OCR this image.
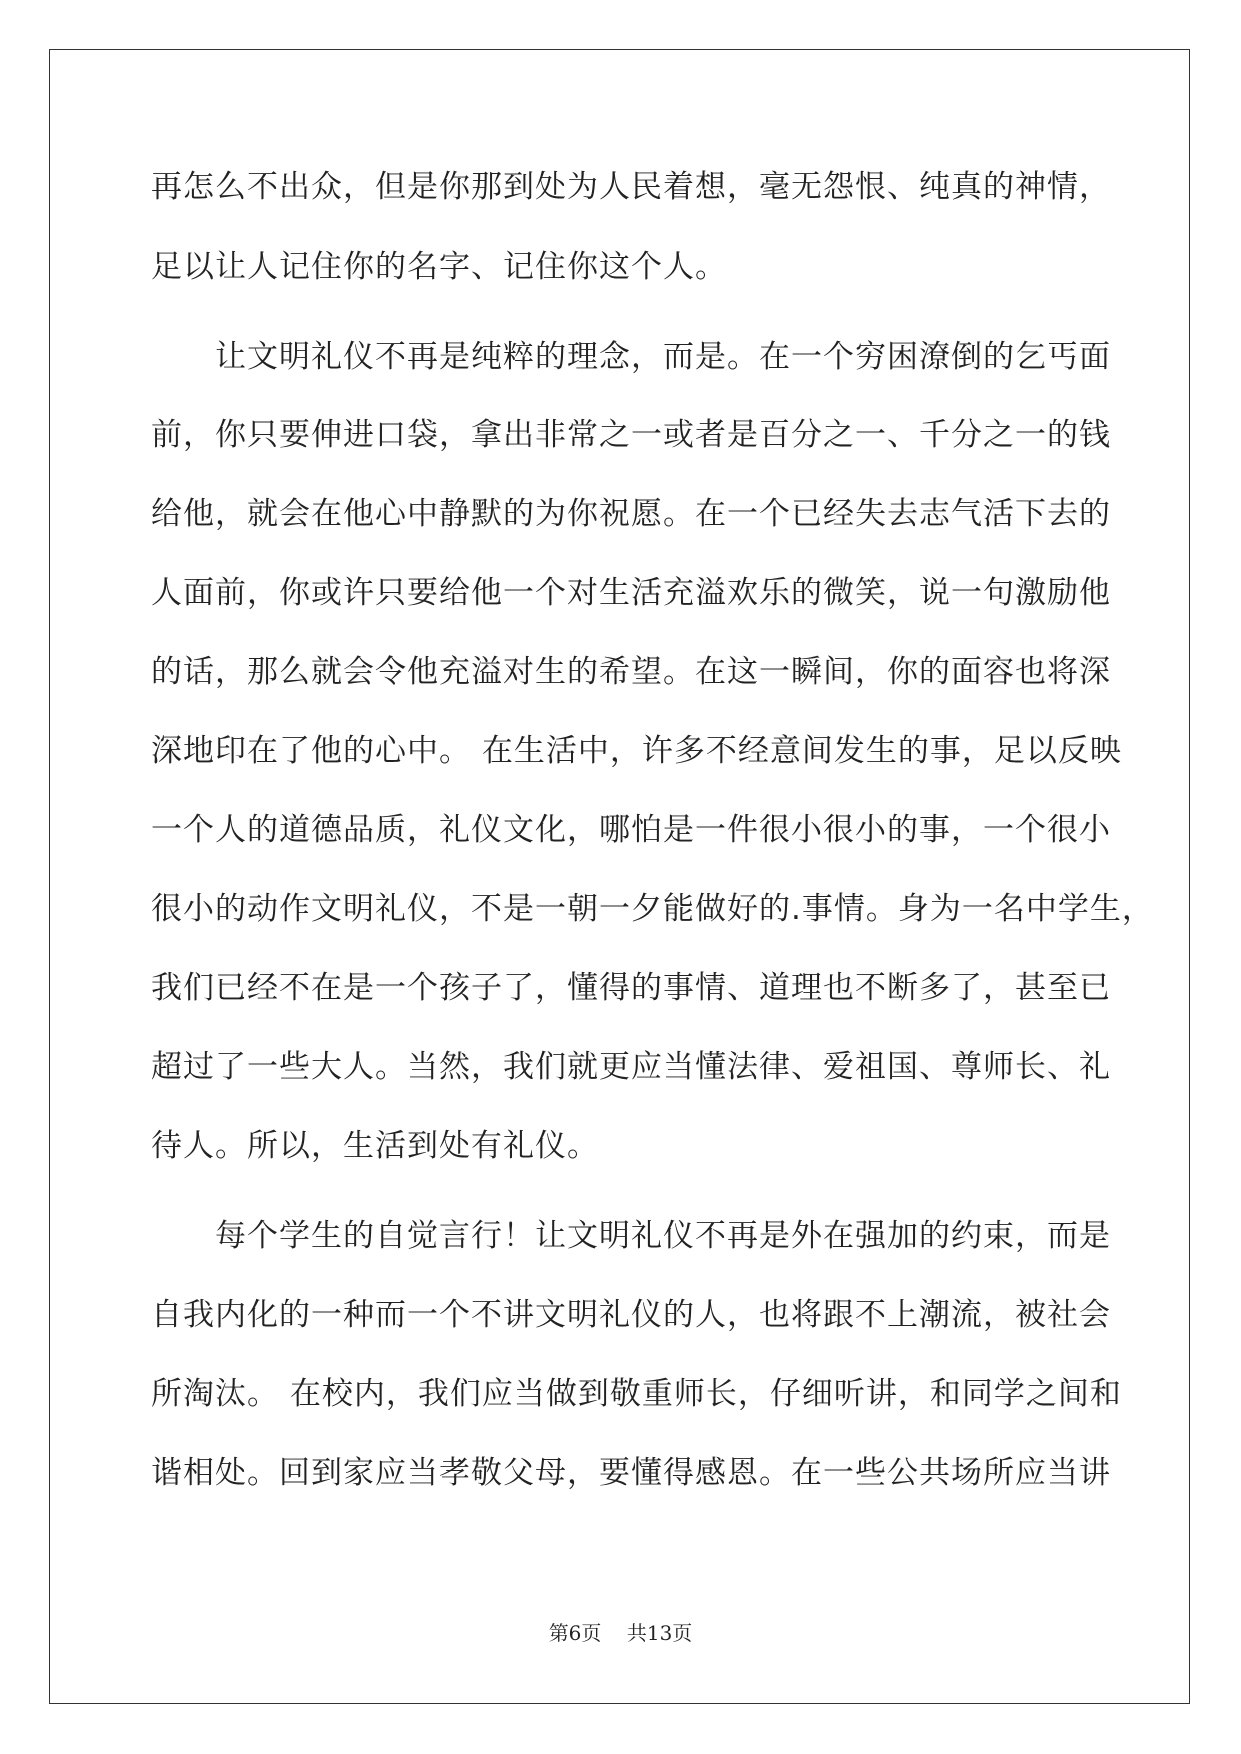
再怎么不出众，但是你那到处为人民着想，毫无怨恨、纯真的神情，
足以让人记住你的名字、记住你这个人。
让文明礼仪不再是纯粹的理念，而是。在一个穷困潦倒的乞丐面
前，你只要伸进口袋，拿出非常之一或者是百分之一、千分之一的钱
给他，就会在他心中静默的为你祝愿。在一个已经失去志气活下去的
人面前，你或许只要给他一个对生活充溢欢乐的微笑，说一句激励他
的话，那么就会令他充溢对生的希望。在这一瞬间，你的面容也将深
深地印在了他的心中。 在生活中，许多不经意间发生的事，足以反映
一个人的道德品质，礼仪文化，哪怕是一件很小很小的事，一个很小
很小的动作文明礼仪，不是一朝一夕能做好的.事情。身为一名中学生，
我们已经不在是一个孩子了，懂得的事情、道理也不断多了，甚至已
超过了一些大人。当然，我们就更应当懂法律、爱祖国、尊师长、礼
待人。所以，生活到处有礼仪。
每个学生的自觉言行！让文明礼仪不再是外在强加的约束，而是
自我内化的一种而一个不讲文明礼仪的人，也将跟不上潮流，被社会
所淘汰。 在校内，我们应当做到敬重师长，仔细听讲，和同学之间和
谐相处。回到家应当孝敬父母，要懂得感恩。在一些公共场所应当讲
第6页 共13页
